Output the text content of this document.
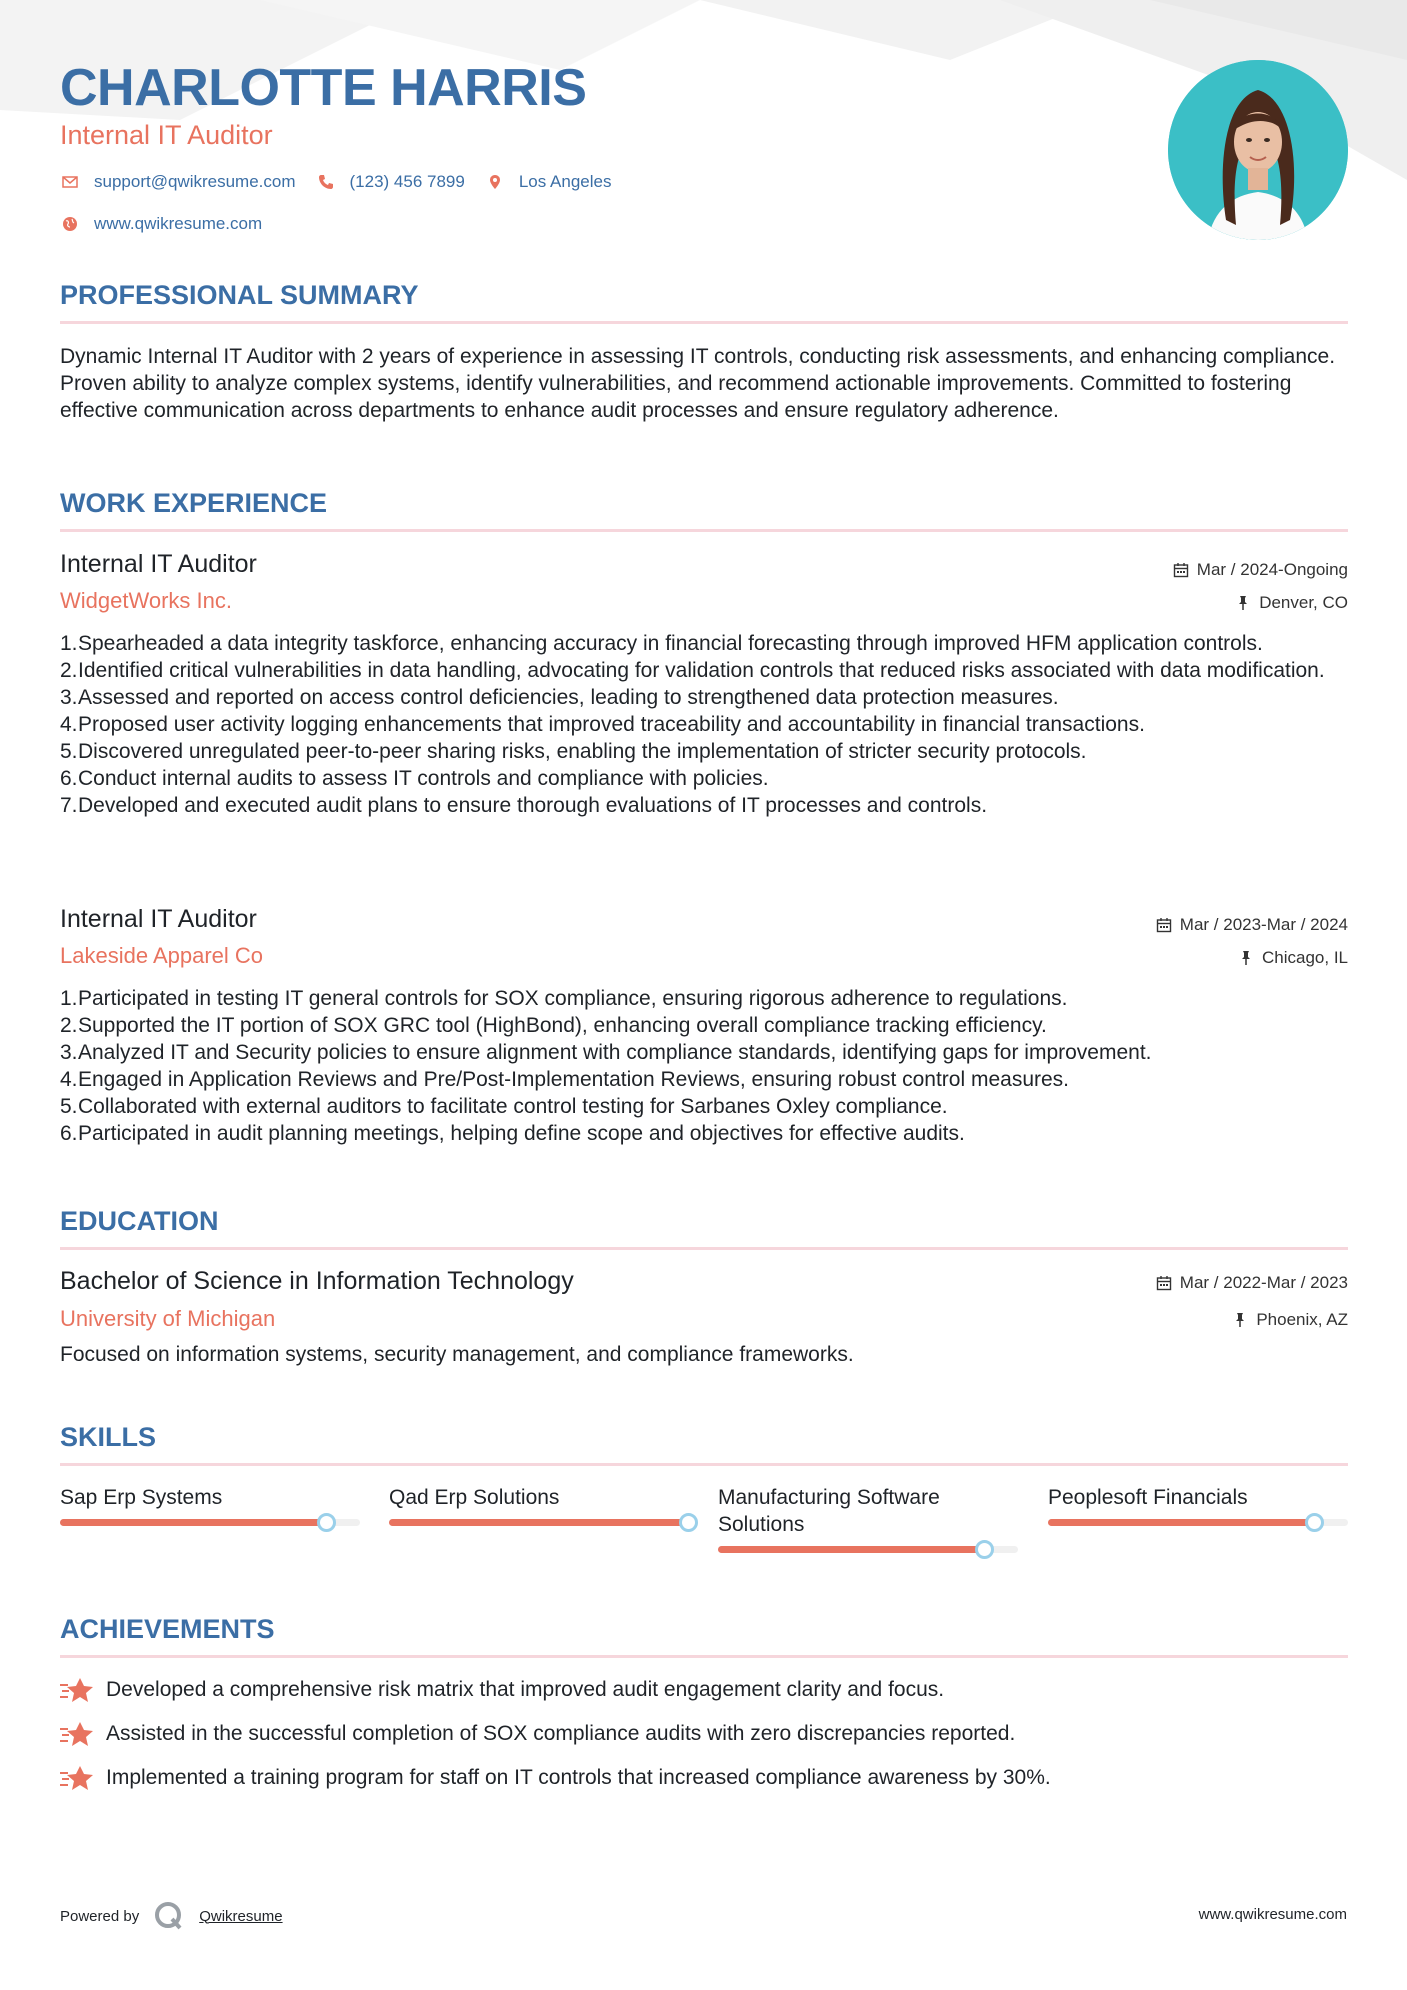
CHARLOTTE HARRIS
Internal IT Auditor
support@qwikresume.com	(123) 456 7899	Los Angeles
www.qwikresume.com
PROFESSIONAL SUMMARY
Dynamic Internal IT Auditor with 2 years of experience in assessing IT controls, conducting risk assessments, and enhancing compliance. Proven ability to analyze complex systems, identify vulnerabilities, and recommend actionable improvements. Committed to fostering effective communication across departments to enhance audit processes and ensure regulatory adherence.
WORK EXPERIENCE
Internal IT Auditor	Mar / 2024-Ongoing
WidgetWorks Inc.	Denver, CO
1. Spearheaded a data integrity taskforce, enhancing accuracy in financial forecasting through improved HFM application controls.
2. Identified critical vulnerabilities in data handling, advocating for validation controls that reduced risks associated with data modification.
3. Assessed and reported on access control deficiencies, leading to strengthened data protection measures.
4. Proposed user activity logging enhancements that improved traceability and accountability in financial transactions.
5. Discovered unregulated peer-to-peer sharing risks, enabling the implementation of stricter security protocols.
6. Conduct internal audits to assess IT controls and compliance with policies.
7. Developed and executed audit plans to ensure thorough evaluations of IT processes and controls.
Internal IT Auditor	Mar / 2023-Mar / 2024
Lakeside Apparel Co	Chicago, IL
1. Participated in testing IT general controls for SOX compliance, ensuring rigorous adherence to regulations.
2. Supported the IT portion of SOX GRC tool (HighBond), enhancing overall compliance tracking efficiency.
3. Analyzed IT and Security policies to ensure alignment with compliance standards, identifying gaps for improvement.
4. Engaged in Application Reviews and Pre/Post-Implementation Reviews, ensuring robust control measures.
5. Collaborated with external auditors to facilitate control testing for Sarbanes Oxley compliance.
6. Participated in audit planning meetings, helping define scope and objectives for effective audits.
EDUCATION
Bachelor of Science in Information Technology	Mar / 2022-Mar / 2023
University of Michigan	Phoenix, AZ
Focused on information systems, security management, and compliance frameworks.
SKILLS
Sap Erp Systems	Qad Erp Solutions	Manufacturing Software Solutions
Peoplesoft Financials
ACHIEVEMENTS
Developed a comprehensive risk matrix that improved audit engagement clarity and focus.
Assisted in the successful completion of SOX compliance audits with zero discrepancies reported.
Implemented a training program for staff on IT controls that increased compliance awareness by 30%.
Powered by	Qwikresume	www.qwikresume.com
